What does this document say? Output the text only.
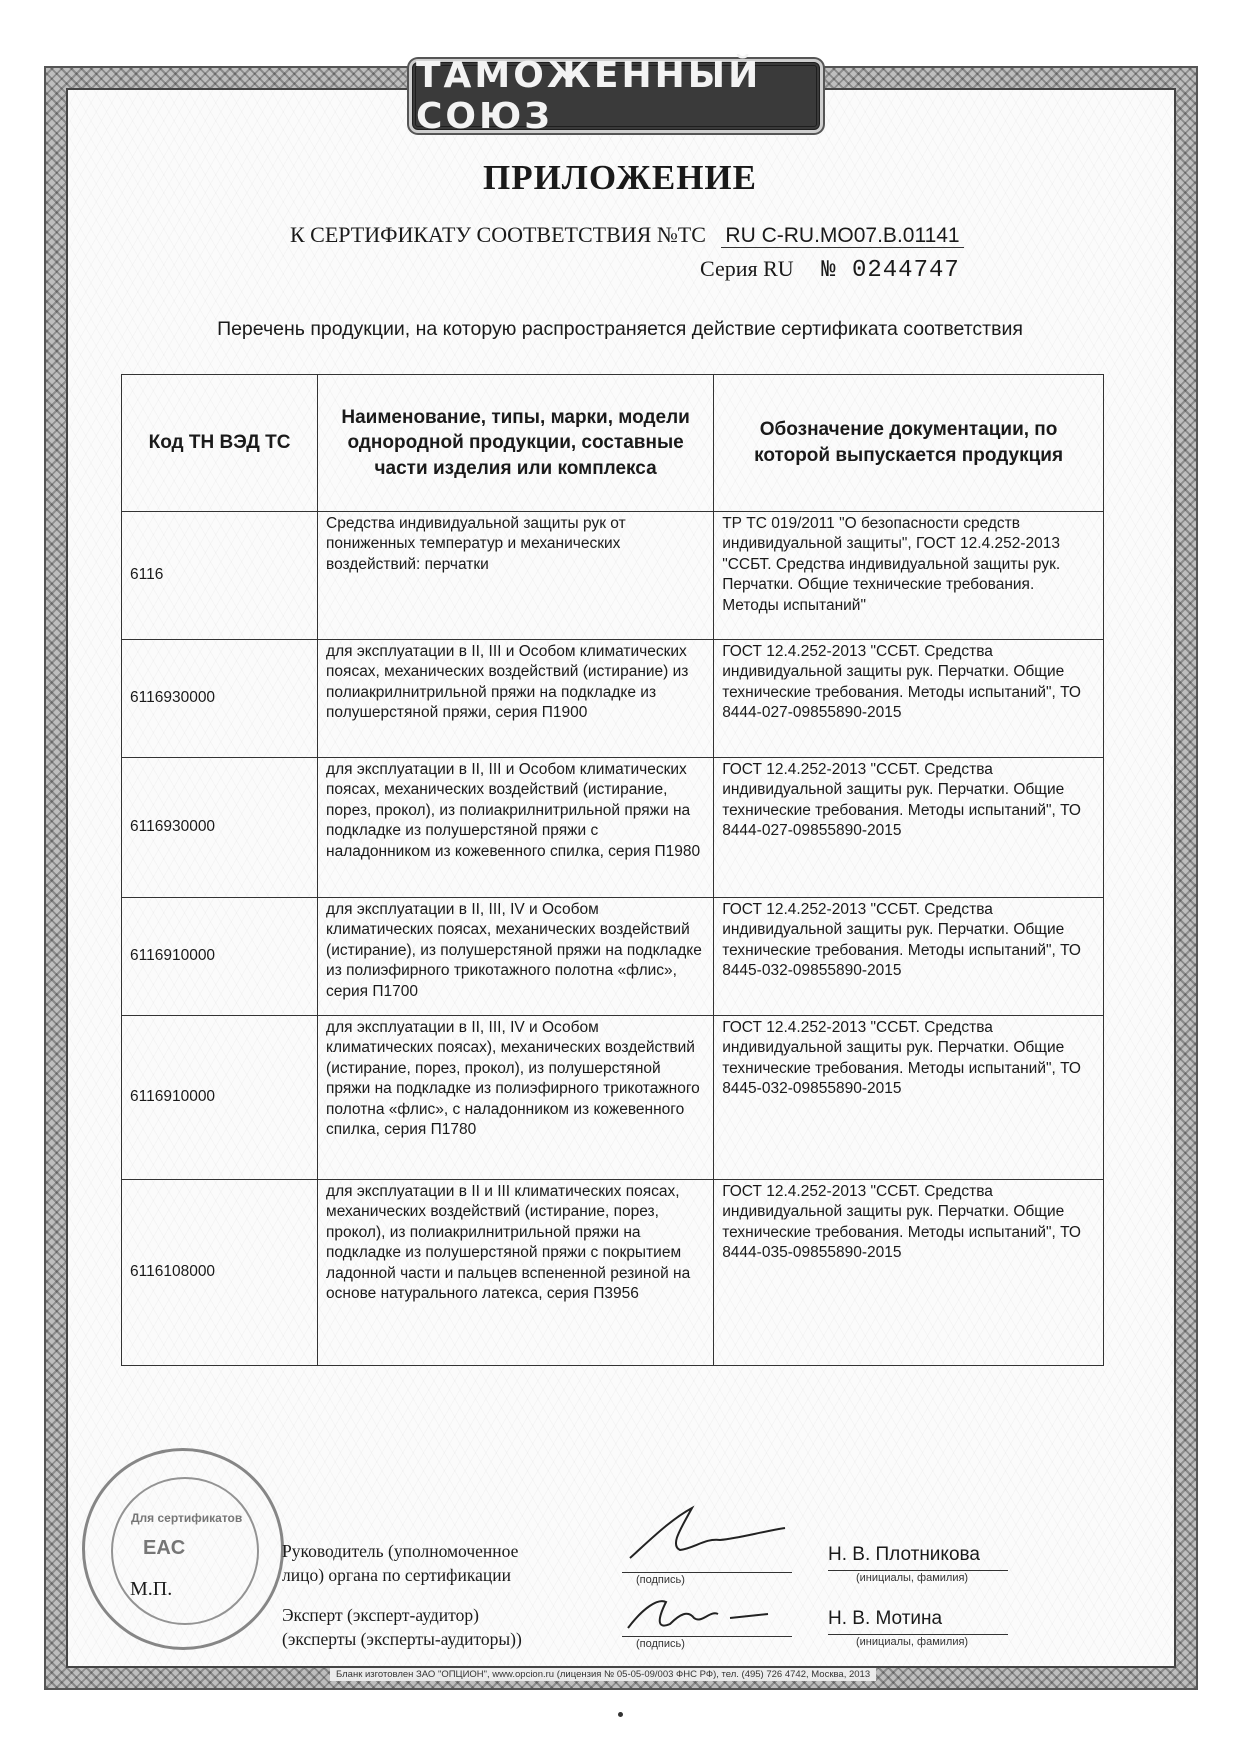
ТАМОЖЕННЫЙ СОЮЗ
ПРИЛОЖЕНИЕ
К СЕРТИФИКАТУ СООТВЕТСТВИЯ №ТС RU C-RU.MO07.B.01141
Серия RU № 0244747
Перечень продукции, на которую распространяется действие сертификата соответствия
Код ТН ВЭД ТС	Наименование, типы, марки, модели однородной продукции, составные части изделия или комплекса	Обозначение документации, по которой выпускается продукция
6116	Средства индивидуальной защиты рук от пониженных температур и механических воздействий: перчатки	ТР ТС 019/2011 "О безопасности средств индивидуальной защиты", ГОСТ 12.4.252-2013 "ССБТ. Средства индивидуальной защиты рук. Перчатки. Общие технические требования. Методы испытаний"
6116930000	для эксплуатации в II, III и Особом климатических поясах, механических воздействий (истирание) из полиакрилнитрильной пряжи на подкладке из полушерстяной пряжи, серия П1900	ГОСТ 12.4.252-2013 "ССБТ. Средства индивидуальной защиты рук. Перчатки. Общие технические требования. Методы испытаний", ТО 8444-027-09855890-2015
6116930000	для эксплуатации в II, III и Особом климатических поясах, механических воздействий (истирание, порез, прокол), из полиакрилнитрильной пряжи на подкладке из полушерстяной пряжи с наладонником из кожевенного спилка, серия П1980	ГОСТ 12.4.252-2013 "ССБТ. Средства индивидуальной защиты рук. Перчатки. Общие технические требования. Методы испытаний", ТО 8444-027-09855890-2015
6116910000	для эксплуатации в II, III, IV и Особом климатических поясах, механических воздействий (истирание), из полушерстяной пряжи на подкладке из полиэфирного трикотажного полотна «флис», серия П1700	ГОСТ 12.4.252-2013 "ССБТ. Средства индивидуальной защиты рук. Перчатки. Общие технические требования. Методы испытаний", ТО 8445-032-09855890-2015
6116910000	для эксплуатации в II, III, IV и Особом климатических поясах), механических воздействий (истирание, порез, прокол), из полушерстяной пряжи на подкладке из полиэфирного трикотажного полотна «флис», с наладонником из кожевенного спилка, серия П1780	ГОСТ 12.4.252-2013 "ССБТ. Средства индивидуальной защиты рук. Перчатки. Общие технические требования. Методы испытаний", ТО 8445-032-09855890-2015
6116108000	для эксплуатации в II и III климатических поясах, механических воздействий (истирание, порез, прокол), из полиакрилнитрильной пряжи на подкладке из полушерстяной пряжи с покрытием ладонной части и пальцев вспененной резиной на основе натурального латекса, серия П3956	ГОСТ 12.4.252-2013 "ССБТ. Средства индивидуальной защиты рук. Перчатки. Общие технические требования. Методы испытаний", ТО 8444-035-09855890-2015
Для сертификатов
EAC
М.П.
Руководитель (уполномоченное
лицо) органа по сертификации	(подпись)
Н. В. Плотникова
(инициалы, фамилия)
Эксперт (эксперт-аудитор)
(эксперты (эксперты-аудиторы))	(подпись)
Н. В. Мотина
(инициалы, фамилия)
Бланк изготовлен ЗАО "ОПЦИОН", www.opcion.ru (лицензия № 05-05-09/003 ФНС РФ), тел. (495) 726 4742, Москва, 2013
